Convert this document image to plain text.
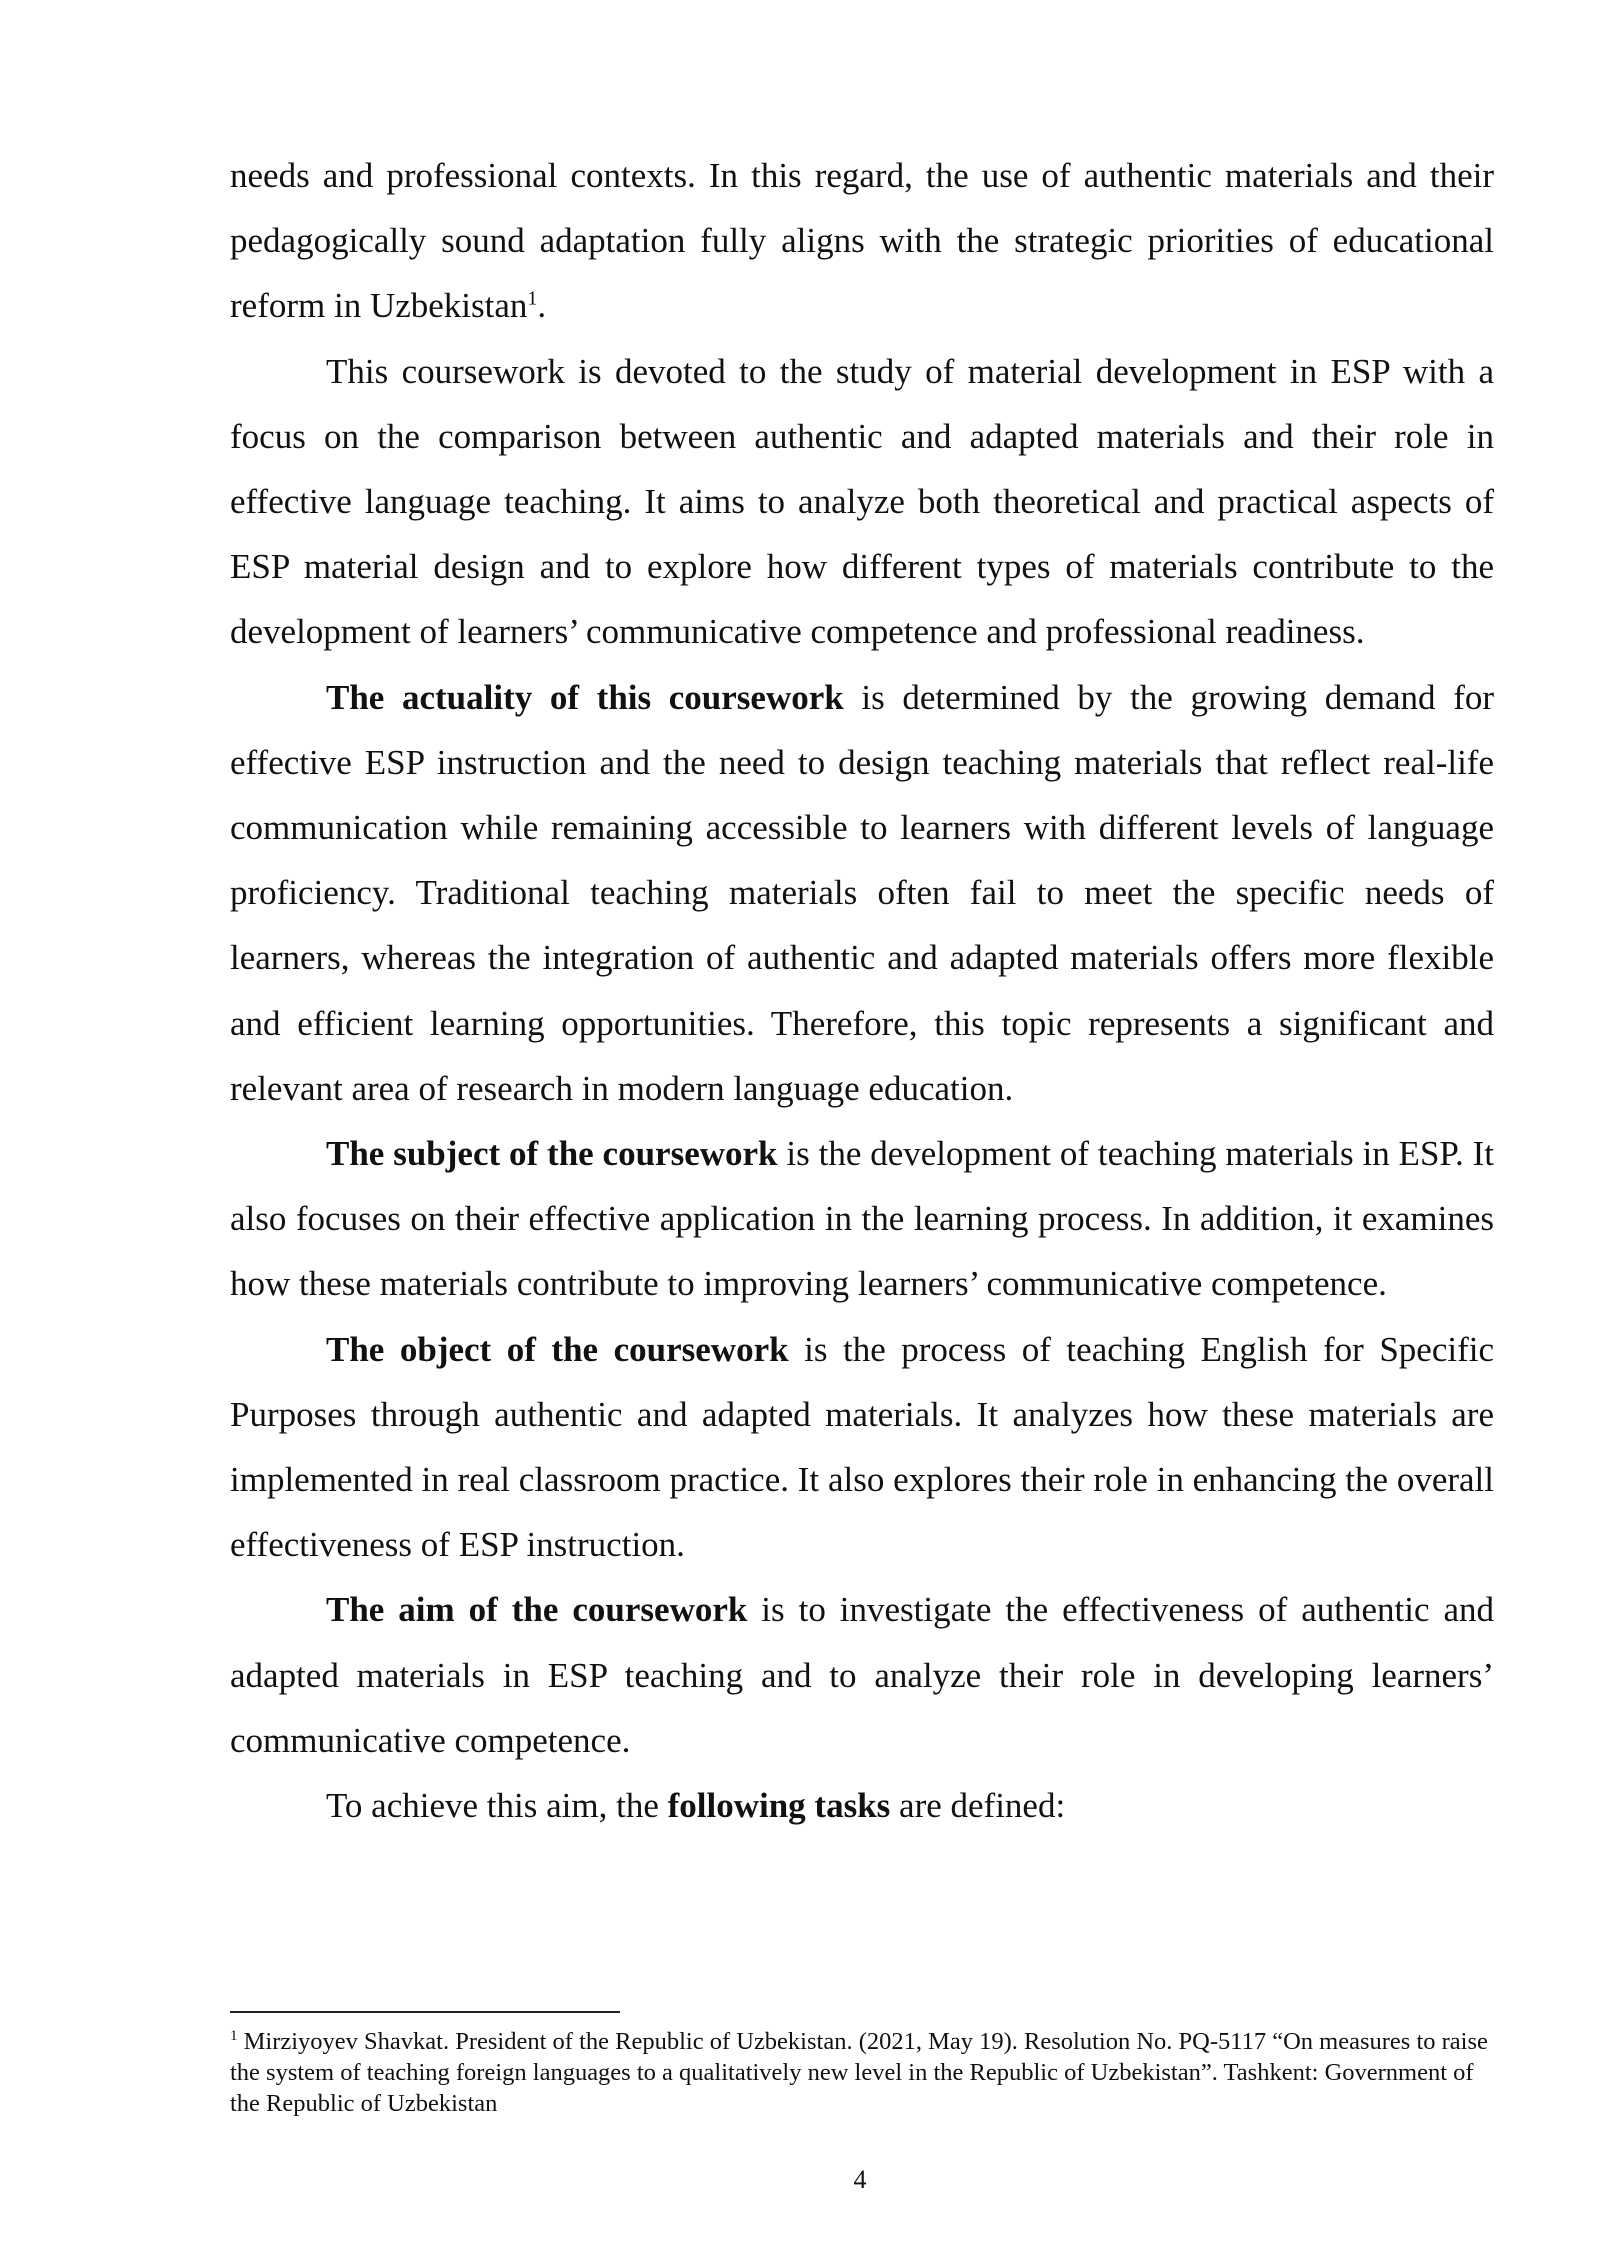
needs and professional contexts. In this regard, the use of authentic materials and their pedagogically sound adaptation fully aligns with the strategic priorities of educational reform in Uzbekistan$^1$.

This coursework is devoted to the study of material development in ESP with a focus on the comparison between authentic and adapted materials and their role in effective language teaching. It aims to analyze both theoretical and practical aspects of ESP material design and to explore how different types of materials contribute to the development of learners’ communicative competence and professional readiness.

The actuality of this coursework is determined by the growing demand for effective ESP instruction and the need to design teaching materials that reflect real-life communication while remaining accessible to learners with different levels of language proficiency. Traditional teaching materials often fail to meet the specific needs of learners, whereas the integration of authentic and adapted materials offers more flexible and efficient learning opportunities. Therefore, this topic represents a significant and relevant area of research in modern language education.

The subject of the coursework is the development of teaching materials in ESP. It also focuses on their effective application in the learning process. In addition, it examines how these materials contribute to improving learners’ communicative competence.

The object of the coursework is the process of teaching English for Specific Purposes through authentic and adapted materials. It analyzes how these materials are implemented in real classroom practice. It also explores their role in enhancing the overall effectiveness of ESP instruction.

The aim of the coursework is to investigate the effectiveness of authentic and adapted materials in ESP teaching and to analyze their role in developing learners’ communicative competence.

To achieve this aim, the following tasks are defined:

$^1$ Mirziyoyev Shavkat. President of the Republic of Uzbekistan. (2021, May 19). Resolution No. PQ-5117 “On measures to raise the system of teaching foreign languages to a qualitatively new level in the Republic of Uzbekistan”. Tashkent: Government of the Republic of Uzbekistan
4
